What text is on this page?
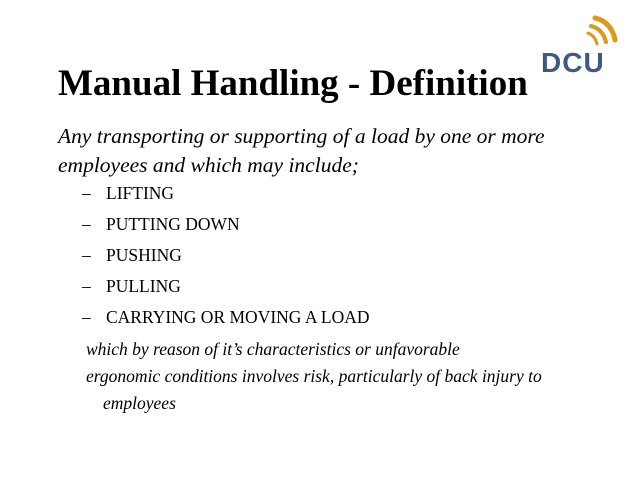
DCU
Manual Handling - Definition

Any transporting or supporting of a load by one or more employees and which may include;

– LIFTING
– PUTTING DOWN
– PUSHING
– PULLING
– CARRYING OR MOVING A LOAD

which by reason of it’s characteristics or unfavorable

ergonomic conditions involves risk, particularly of back injury to employees
